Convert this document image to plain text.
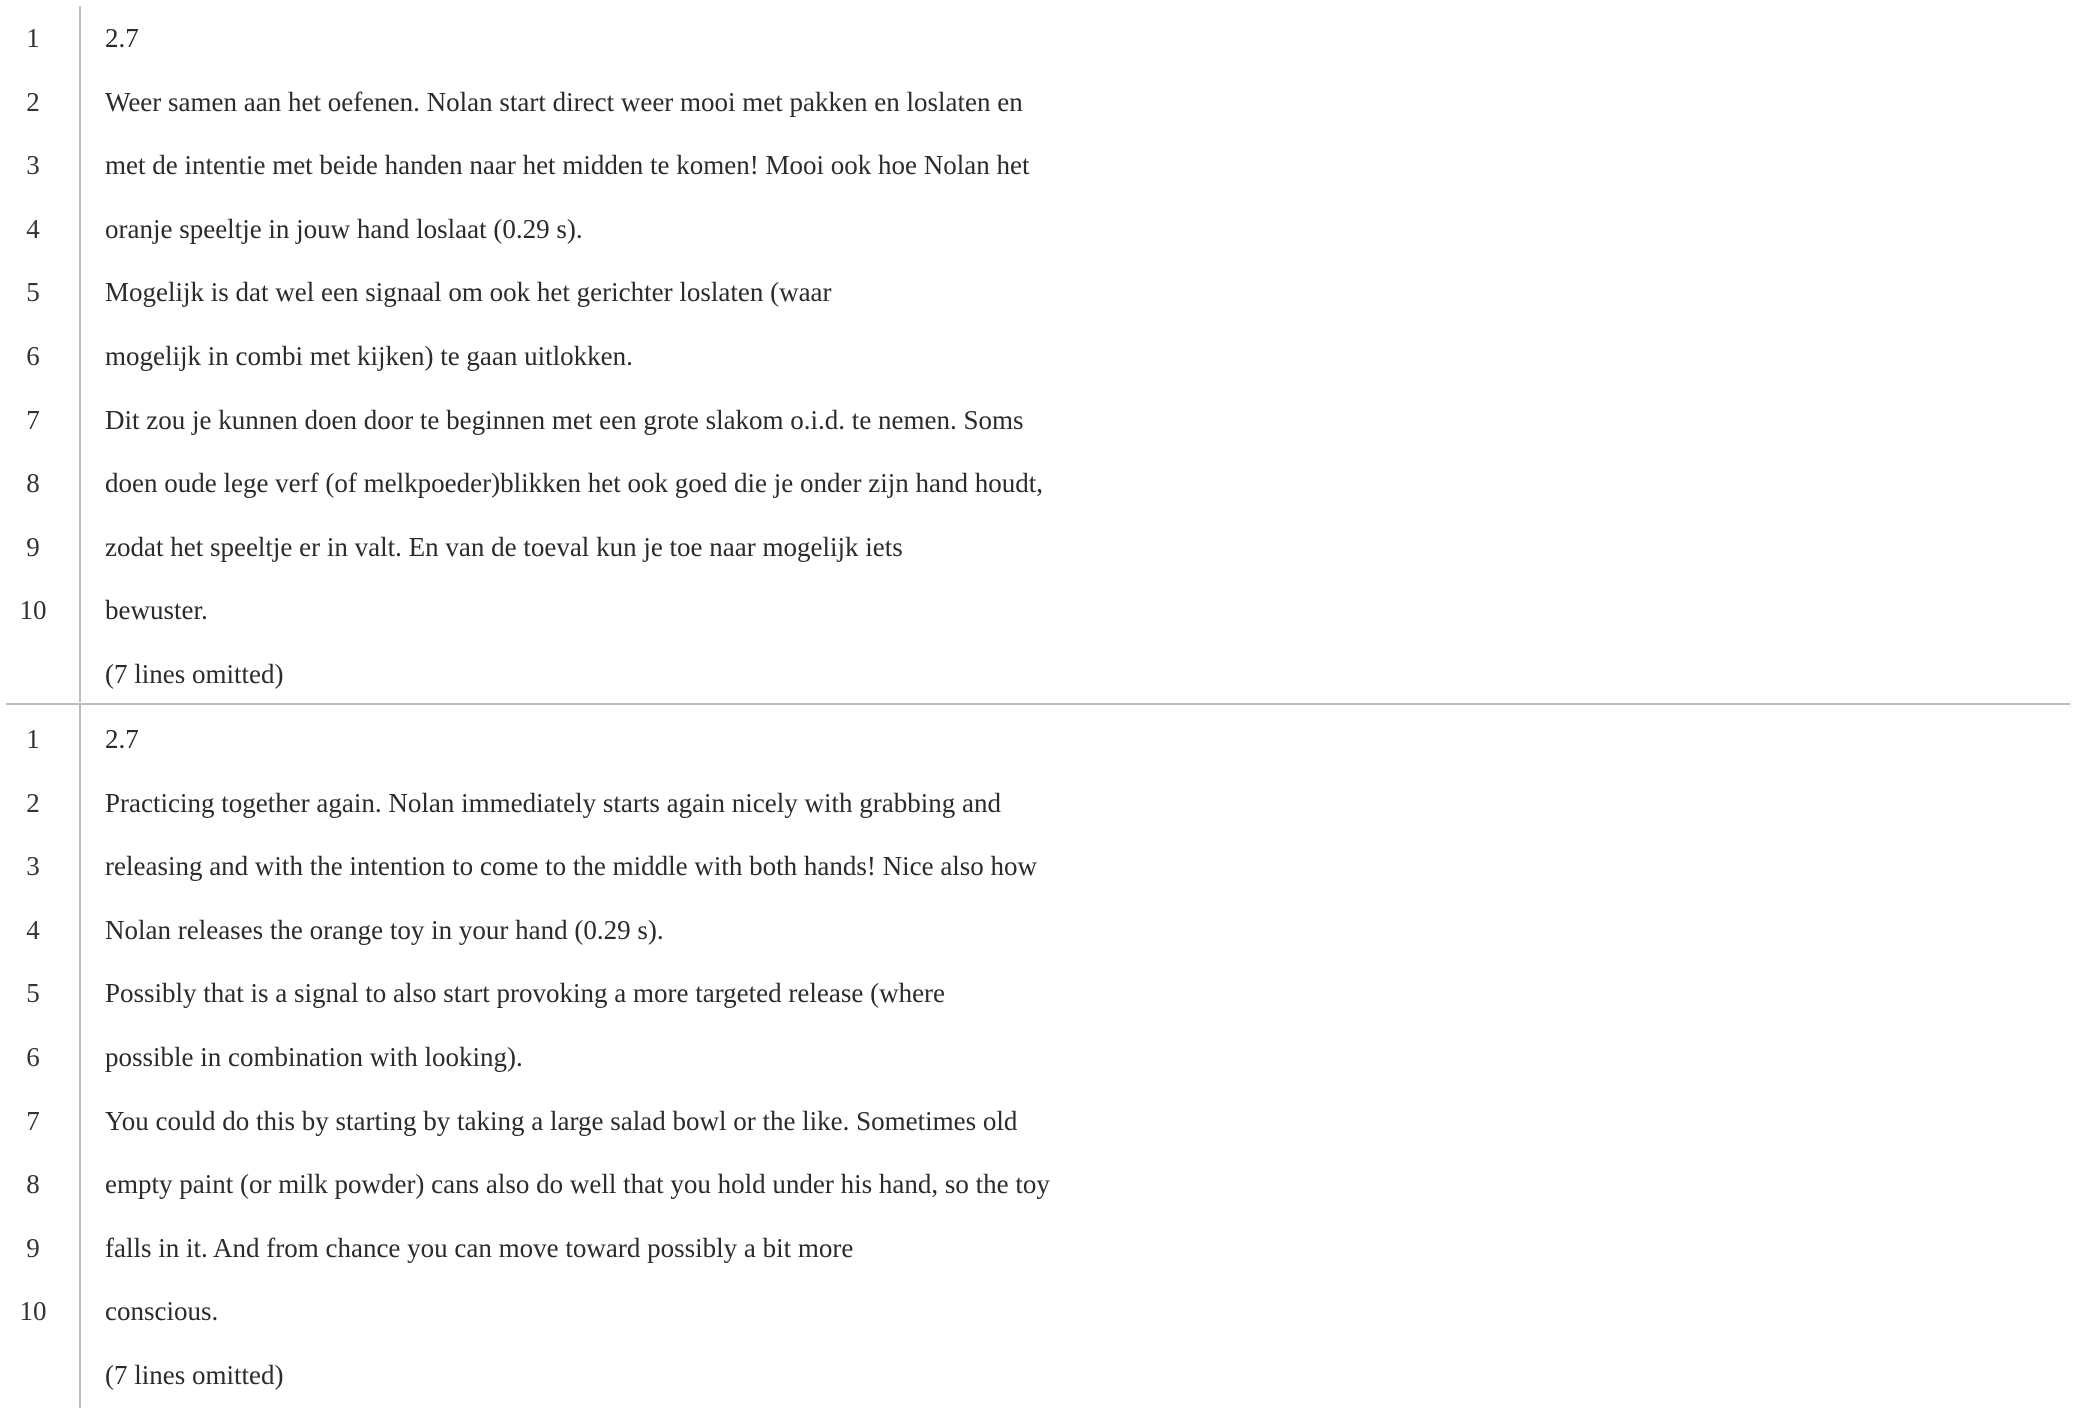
1	2.7
2	Weer samen aan het oefenen. Nolan start direct weer mooi met pakken en loslaten en
3	met de intentie met beide handen naar het midden te komen! Mooi ook hoe Nolan het
4	oranje speeltje in jouw hand loslaat (0.29 s).
5	Mogelijk is dat wel een signaal om ook het gerichter loslaten (waar
6	mogelijk in combi met kijken) te gaan uitlokken.
7	Dit zou je kunnen doen door te beginnen met een grote slakom o.i.d. te nemen. Soms
8	doen oude lege verf (of melkpoeder)blikken het ook goed die je onder zijn hand houdt,
9	zodat het speeltje er in valt. En van de toeval kun je toe naar mogelijk iets
10	bewuster.
(7 lines omitted)
1	2.7
2	Practicing together again. Nolan immediately starts again nicely with grabbing and
3	releasing and with the intention to come to the middle with both hands! Nice also how
4	Nolan releases the orange toy in your hand (0.29 s).
5	Possibly that is a signal to also start provoking a more targeted release (where
6	possible in combination with looking).
7	You could do this by starting by taking a large salad bowl or the like. Sometimes old
8	empty paint (or milk powder) cans also do well that you hold under his hand, so the toy
9	falls in it. And from chance you can move toward possibly a bit more
10	conscious.
(7 lines omitted)
